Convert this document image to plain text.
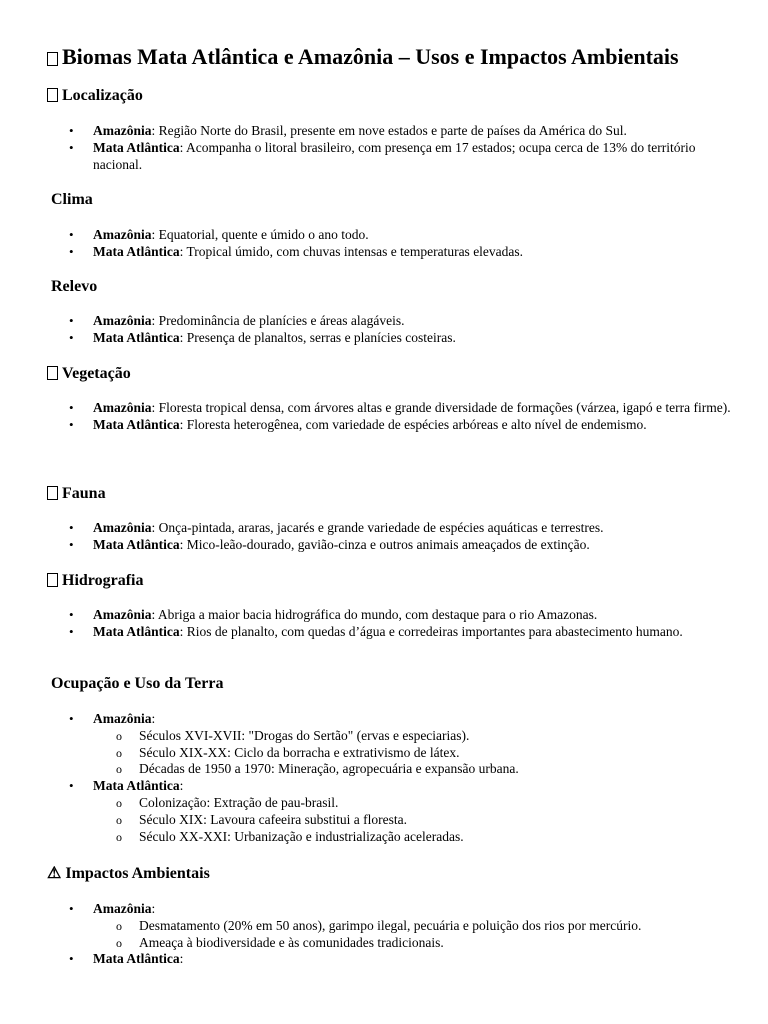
Biomas Mata Atlântica e Amazônia – Usos e Impactos Ambientais
Localização
• Amazônia: Região Norte do Brasil, presente em nove estados e parte de países da América do Sul.
• Mata Atlântica: Acompanha o litoral brasileiro, com presença em 17 estados; ocupa cerca de 13% do território nacional.
Clima
• Amazônia: Equatorial, quente e úmido o ano todo.
• Mata Atlântica: Tropical úmido, com chuvas intensas e temperaturas elevadas.
Relevo
• Amazônia: Predominância de planícies e áreas alagáveis.
• Mata Atlântica: Presença de planaltos, serras e planícies costeiras.
Vegetação
• Amazônia: Floresta tropical densa, com árvores altas e grande diversidade de formações (várzea, igapó e terra firme).
• Mata Atlântica: Floresta heterogênea, com variedade de espécies arbóreas e alto nível de endemismo.
Fauna
• Amazônia: Onça-pintada, araras, jacarés e grande variedade de espécies aquáticas e terrestres.
• Mata Atlântica: Mico-leão-dourado, gavião-cinza e outros animais ameaçados de extinção.
Hidrografia
• Amazônia: Abriga a maior bacia hidrográfica do mundo, com destaque para o rio Amazonas.
• Mata Atlântica: Rios de planalto, com quedas d’água e corredeiras importantes para abastecimento humano.
Ocupação e Uso da Terra
• Amazônia:
o Séculos XVI-XVII: "Drogas do Sertão" (ervas e especiarias).
o Século XIX-XX: Ciclo da borracha e extrativismo de látex.
o Décadas de 1950 a 1970: Mineração, agropecuária e expansão urbana.
• Mata Atlântica:
o Colonização: Extração de pau-brasil.
o Século XIX: Lavoura cafeeira substitui a floresta.
o Século XX-XXI: Urbanização e industrialização aceleradas.
⚠ Impactos Ambientais
• Amazônia:
o Desmatamento (20% em 50 anos), garimpo ilegal, pecuária e poluição dos rios por mercúrio.
o Ameaça à biodiversidade e às comunidades tradicionais.
• Mata Atlântica:
